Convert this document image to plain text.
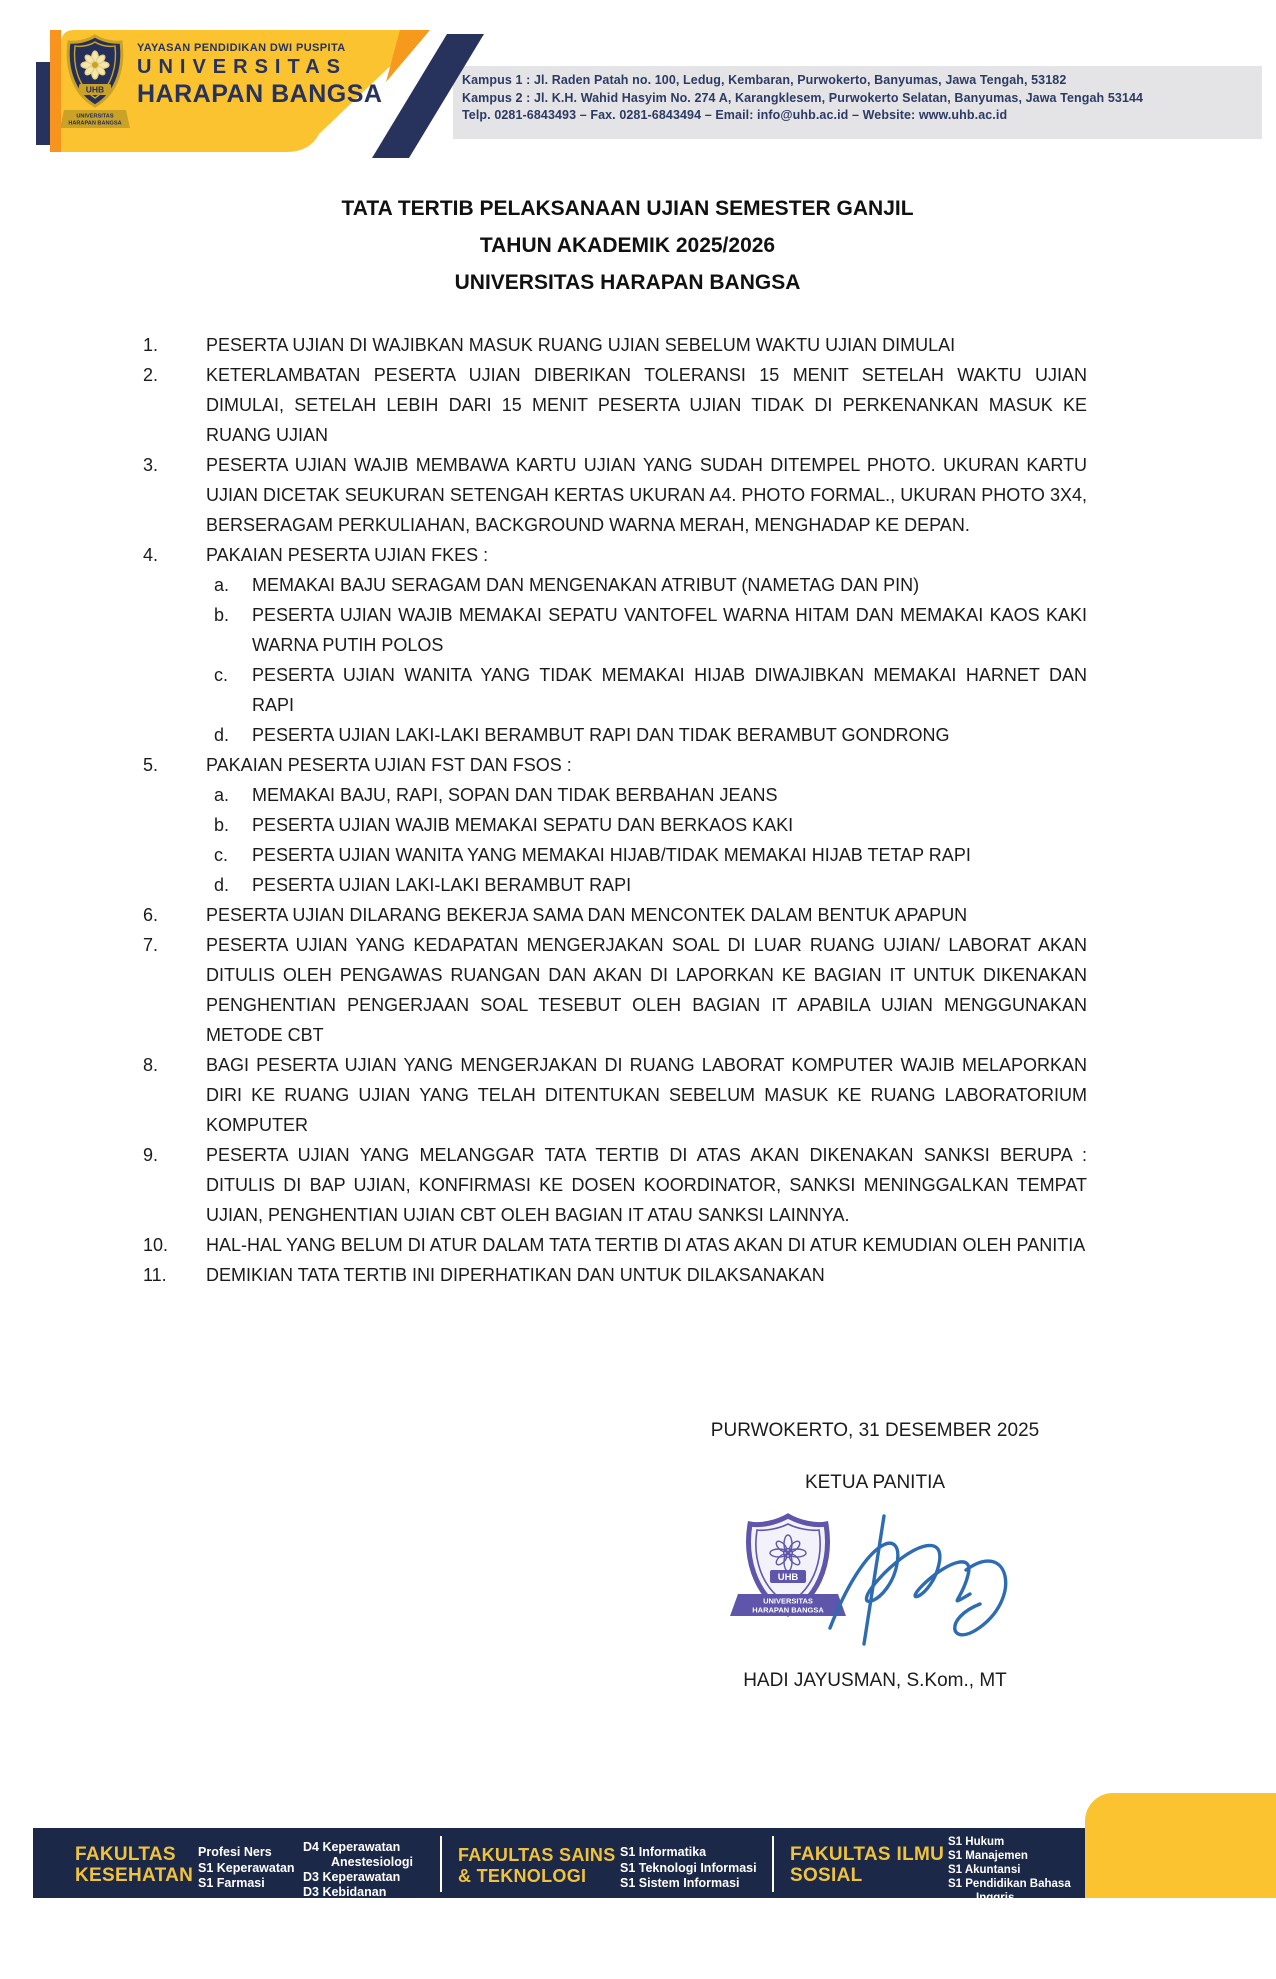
UHB
UNIVERSITAS
HARAPAN BANGSA
YAYASAN PENDIDIKAN DWI PUSPITA
UNIVERSITAS
HARAPAN BANGSA	Kampus 1 : Jl. Raden Patah no. 100, Ledug, Kembaran, Purwokerto, Banyumas, Jawa Tengah, 53182
Kampus 2 : Jl. K.H. Wahid Hasyim No. 274 A, Karangklesem, Purwokerto Selatan, Banyumas, Jawa Tengah 53144
Telp. 0281-6843493 – Fax. 0281-6843494 – Email: info@uhb.ac.id – Website: www.uhb.ac.id
TATA TERTIB PELAKSANAAN UJIAN SEMESTER GANJIL
TAHUN AKADEMIK 2025/2026
UNIVERSITAS HARAPAN BANGSA
1.	PESERTA UJIAN DI WAJIBKAN MASUK RUANG UJIAN SEBELUM WAKTU UJIAN DIMULAI
2.	KETERLAMBATAN PESERTA UJIAN DIBERIKAN TOLERANSI 15 MENIT SETELAH WAKTU UJIAN DIMULAI, SETELAH LEBIH DARI 15 MENIT PESERTA UJIAN TIDAK DI PERKENANKAN MASUK KE RUANG UJIAN
3.	PESERTA UJIAN WAJIB MEMBAWA KARTU UJIAN YANG SUDAH DITEMPEL PHOTO. UKURAN KARTU UJIAN DICETAK SEUKURAN SETENGAH KERTAS UKURAN A4. PHOTO FORMAL., UKURAN PHOTO 3X4, BERSERAGAM PERKULIAHAN, BACKGROUND WARNA MERAH, MENGHADAP KE DEPAN.
4.	PAKAIAN PESERTA UJIAN FKES :
a. MEMAKAI BAJU SERAGAM DAN MENGENAKAN ATRIBUT (NAMETAG DAN PIN)
b. PESERTA UJIAN WAJIB MEMAKAI SEPATU VANTOFEL WARNA HITAM DAN MEMAKAI KAOS KAKI WARNA PUTIH POLOS
c. PESERTA UJIAN WANITA YANG TIDAK MEMAKAI HIJAB DIWAJIBKAN MEMAKAI HARNET DAN RAPI
d. PESERTA UJIAN LAKI-LAKI BERAMBUT RAPI DAN TIDAK BERAMBUT GONDRONG
5.	PAKAIAN PESERTA UJIAN FST DAN FSOS :
a. MEMAKAI BAJU, RAPI, SOPAN DAN TIDAK BERBAHAN JEANS
b. PESERTA UJIAN WAJIB MEMAKAI SEPATU DAN BERKAOS KAKI
c. PESERTA UJIAN WANITA YANG MEMAKAI HIJAB/TIDAK MEMAKAI HIJAB TETAP RAPI
d. PESERTA UJIAN LAKI-LAKI BERAMBUT RAPI
6.	PESERTA UJIAN DILARANG BEKERJA SAMA DAN MENCONTEK DALAM BENTUK APAPUN
7.	PESERTA UJIAN YANG KEDAPATAN MENGERJAKAN SOAL DI LUAR RUANG UJIAN/ LABORAT AKAN DITULIS OLEH PENGAWAS RUANGAN DAN AKAN DI LAPORKAN KE BAGIAN IT UNTUK DIKENAKAN PENGHENTIAN PENGERJAAN SOAL TESEBUT OLEH BAGIAN IT APABILA UJIAN MENGGUNAKAN METODE CBT
8.	BAGI PESERTA UJIAN YANG MENGERJAKAN DI RUANG LABORAT KOMPUTER WAJIB MELAPORKAN DIRI KE RUANG UJIAN YANG TELAH DITENTUKAN SEBELUM MASUK KE RUANG LABORATORIUM KOMPUTER
9.	PESERTA UJIAN YANG MELANGGAR TATA TERTIB DI ATAS AKAN DIKENAKAN SANKSI BERUPA : DITULIS DI BAP UJIAN, KONFIRMASI KE DOSEN KOORDINATOR, SANKSI MENINGGALKAN TEMPAT UJIAN, PENGHENTIAN UJIAN CBT OLEH BAGIAN IT ATAU SANKSI LAINNYA.
10. HAL-HAL YANG BELUM DI ATUR DALAM TATA TERTIB DI ATAS AKAN DI ATUR KEMUDIAN OLEH PANITIA
11. DEMIKIAN TATA TERTIB INI DIPERHATIKAN DAN UNTUK DILAKSANAKAN
PURWOKERTO, 31 DESEMBER 2025
KETUA PANITIA
UHB
UNIVERSITAS
HARAPAN BANGSA
HADI JAYUSMAN, S.Kom., MT
FAKULTAS
KESEHATAN
Profesi Ners
S1 Keperawatan
S1 Farmasi
D4 Keperawatan Anestesiologi
D3 Keperawatan
D3 Kebidanan
FAKULTAS SAINS
& TEKNOLOGI
S1 Informatika
S1 Teknologi Informasi
S1 Sistem Informasi
FAKULTAS ILMU
SOSIAL
S1 Hukum
S1 Manajemen
S1 Akuntansi
S1 Pendidikan Bahasa Inggris
